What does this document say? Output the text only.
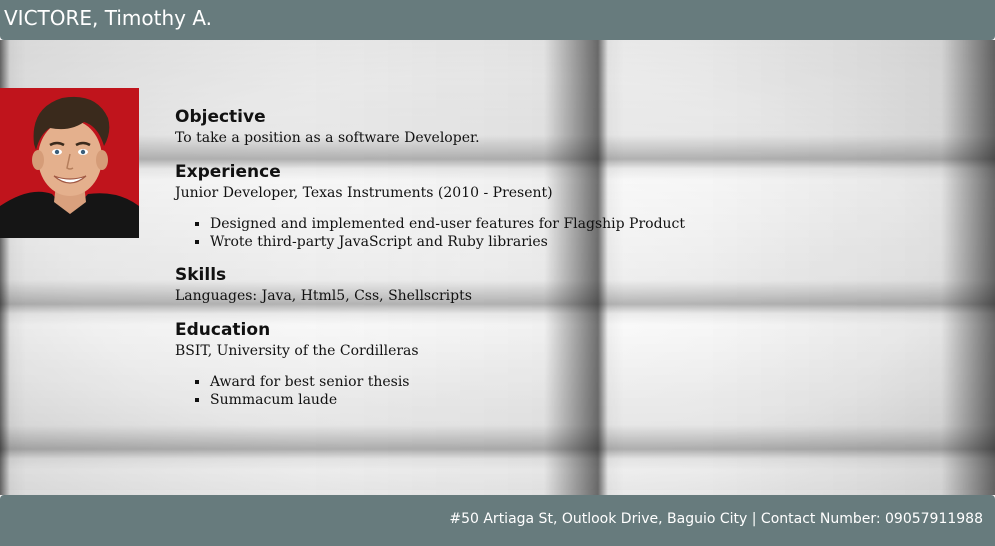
VICTORE, Timothy A.
Objective

To take a position as a software Developer.

Experience

Junior Developer, Texas Instruments (2010 - Present)

▪ Designed and implemented end-user features for Flagship Product
▪ Wrote third-party JavaScript and Ruby libraries
Skills

Languages: Java, Html5, Css, Shellscripts

Education

BSIT, University of the Cordilleras

▪ Award for best senior thesis
▪ Summacum laude
#50 Artiaga St, Outlook Drive, Baguio City | Contact Number: 09057911988
